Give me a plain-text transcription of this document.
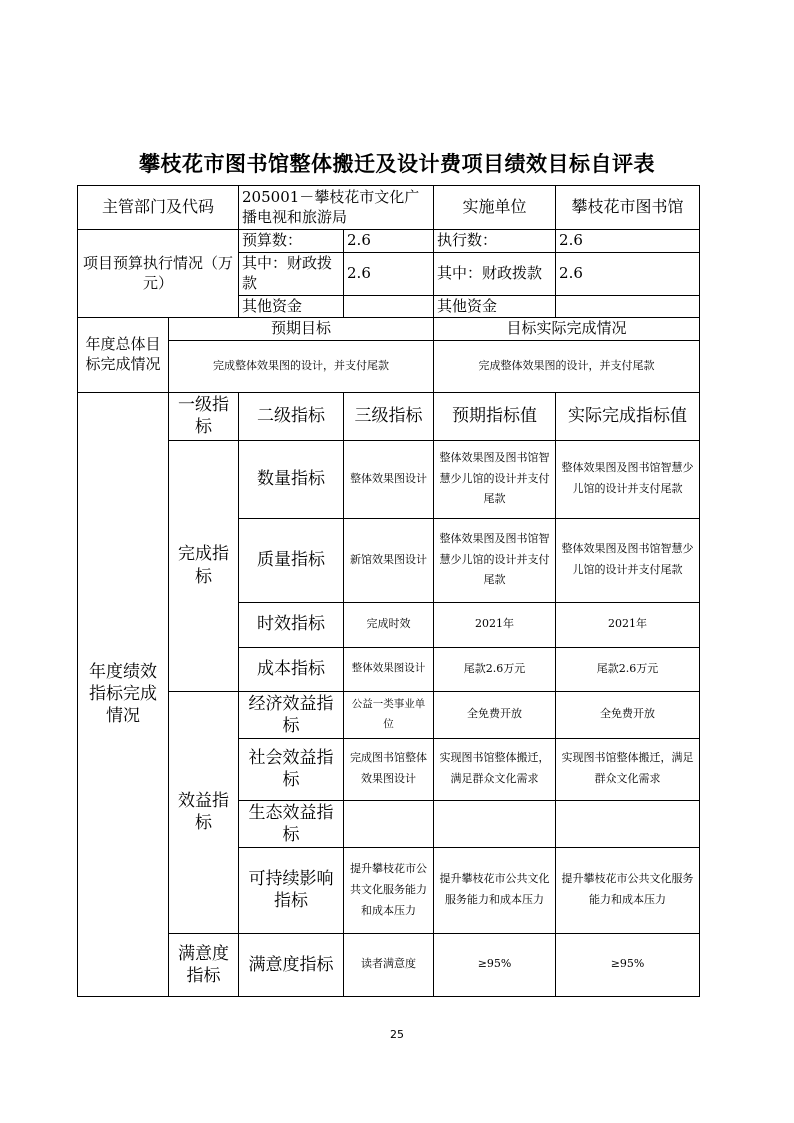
攀枝花市图书馆整体搬迁及设计费项目绩效目标自评表
主管部门及代码		205001－攀枝花市文化广播电视和旅游局		实施单位	攀枝花市图书馆
项目预算执行情况（万元）		预算数：	2.6	执行数：	2.6
		其中：财政拨款	2.6	其中：财政拨款	2.6
		其他资金		其他资金	
年度总体目标完成情况	预期目标			目标实际完成情况	
	完成整体效果图的设计，并支付尾款			完成整体效果图的设计，并支付尾款	
年度绩效指标完成情况	一级指标	二级指标	三级指标	预期指标值	实际完成指标值
	完成指标	数量指标	整体效果图设计	整体效果图及图书馆智慧少儿馆的设计并支付尾款	整体效果图及图书馆智慧少儿馆的设计并支付尾款
		质量指标	新馆效果图设计	整体效果图及图书馆智慧少儿馆的设计并支付尾款	整体效果图及图书馆智慧少儿馆的设计并支付尾款
		时效指标	完成时效	2021年	2021年
		成本指标	整体效果图设计	尾款2.6万元	尾款2.6万元
	效益指标	经济效益指标	公益一类事业单位	全免费开放	全免费开放
		社会效益指标	完成图书馆整体效果图设计	实现图书馆整体搬迁，满足群众文化需求	实现图书馆整体搬迁，满足群众文化需求
		生态效益指标			
		可持续影响 指标	提升攀枝花市公共文化服务能力和成本压力	提升攀枝花市公共文化服务能力和成本压力	提升攀枝花市公共文化服务能力和成本压力
	满意度指标	满意度指标	读者满意度	≥95%	≥95%
25
